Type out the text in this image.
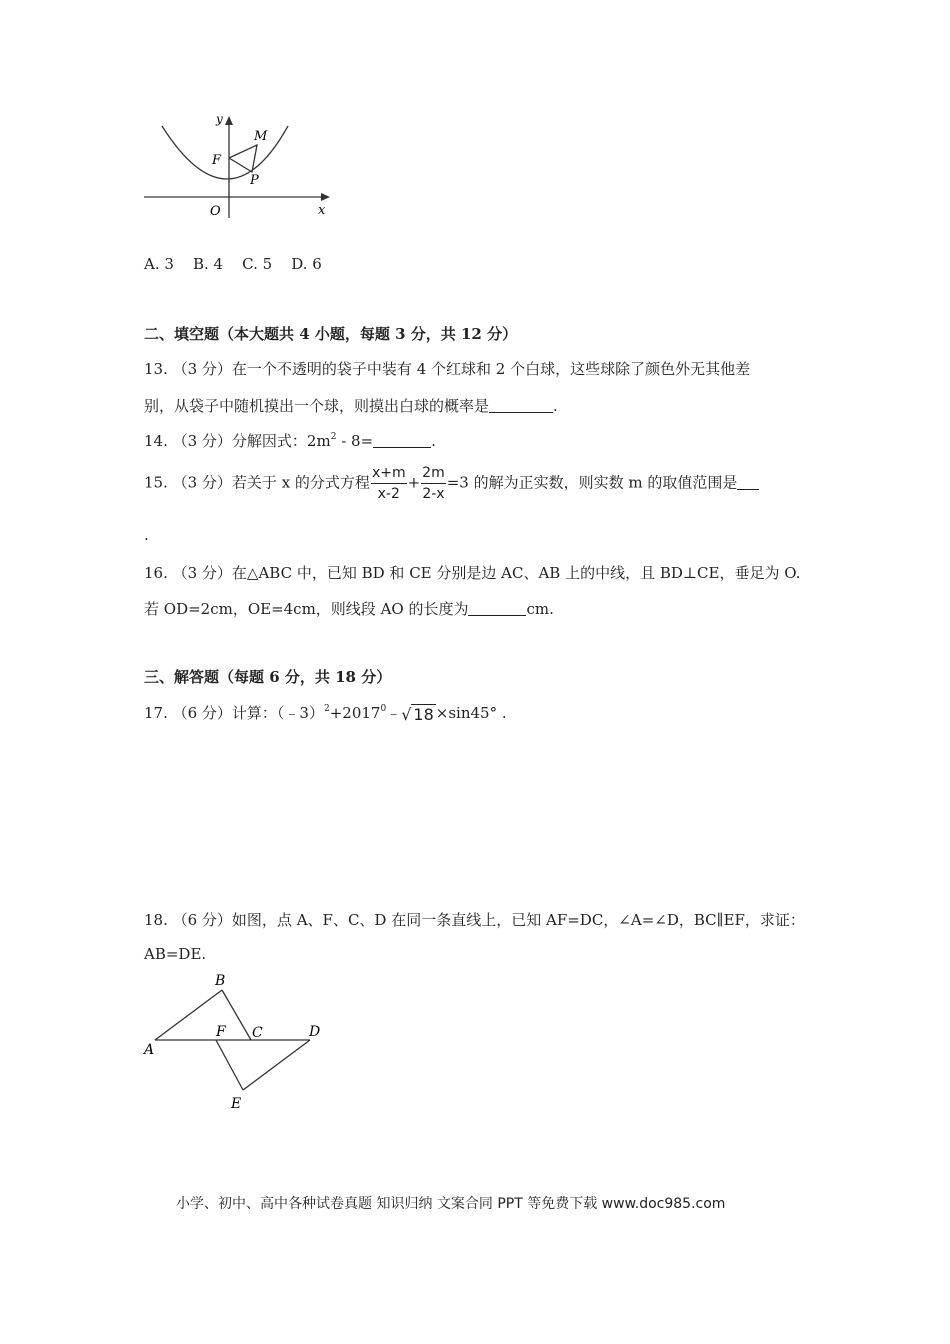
y
M
F
P
O	x
A. 3    B. 4    C. 5    D. 6
二、填空题（本大题共 4 小题，每题 3 分，共 12 分）
13. （3 分）在一个不透明的袋子中装有 4 个红球和 2 个白球，这些球除了颜色外无其他差
别，从袋子中随机摸出一个球，则摸出白球的概率是	.
14. （3 分）分解因式：$2m^2 - 8=$	.
15. （3 分）若关于 x 的分式方程 $\frac{x+m}{x-2} + \frac{2m}{2-x} =3$ 的解为正实数，则实数 m 的取值范围是
.
16. （3 分）在△ABC 中，已知 BD 和 CE 分别是边 AC、AB 上的中线，且 BD⊥CE，垂足为 O.
若 OD=2cm，OE=4cm，则线段 AO 的长度为	cm.
三、解答题（每题 6 分，共 18 分）
17. （6 分）计算：$(﹣3)^2+2017^0﹣√$ 18 ×sin45° .
18. （6 分）如图，点 A、F、C、D 在同一条直线上，已知 AF=DC，∠A=∠D，BC∥EF，求证：
AB=DE.
A
B
F C	D
E
小学、初中、高中各种试卷真题 知识归纳 文案合同 PPT 等免费下载 www.doc985.com
